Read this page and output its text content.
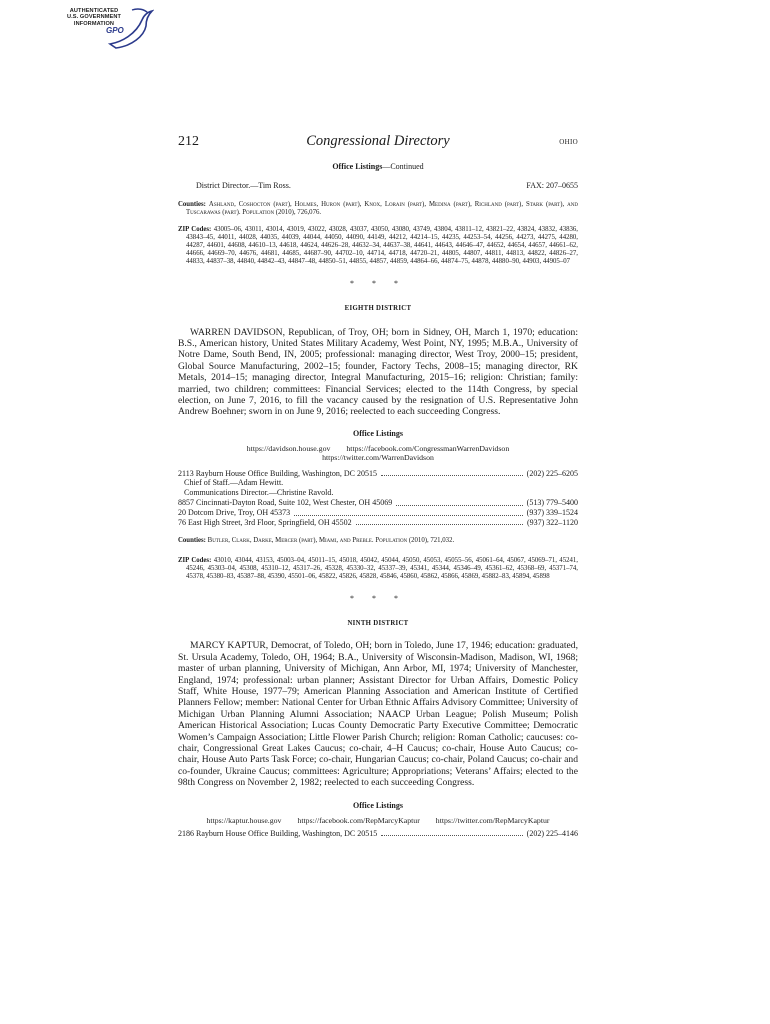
AUTHENTICATED
U.S. GOVERNMENT
INFORMATION
GPO
212	Congressional Directory	OHIO
Office Listings—Continued
District Director.—Tim Ross.	FAX: 207–0655
Counties: Ashland, Coshocton (part), Holmes, Huron (part), Knox, Lorain (part), Medina (part), Richland (part), Stark (part), and Tuscarawas (part). Population (2010), 726,076.
ZIP Codes: 43005–06, 43011, 43014, 43019, 43022, 43028, 43037, 43050, 43080, 43749, 43804, 43811–12, 43821–22, 43824, 43832, 43836, 43843–45, 44011, 44028, 44035, 44039, 44044, 44050, 44090, 44149, 44212, 44214–15, 44235, 44253–54, 44256, 44273, 44275, 44280, 44287, 44601, 44608, 44610–13, 44618, 44624, 44626–28, 44632–34, 44637–38, 44641, 44643, 44646–47, 44652, 44654, 44657, 44661–62, 44666, 44669–70, 44676, 44681, 44685, 44687–90, 44702–10, 44714, 44718, 44720–21, 44805, 44807, 44811, 44813, 44822, 44826–27, 44833, 44837–38, 44840, 44842–43, 44847–48, 44850–51, 44855, 44857, 44859, 44864–66, 44874–75, 44878, 44880–90, 44903, 44905–07
* * *
EIGHTH DISTRICT

WARREN DAVIDSON, Republican, of Troy, OH; born in Sidney, OH, March 1, 1970; education: B.S., American history, United States Military Academy, West Point, NY, 1995; M.B.A., University of Notre Dame, South Bend, IN, 2005; professional: managing director, West Troy, 2000–15; president, Global Source Manufacturing, 2002–15; founder, Factory Techs, 2008–15; managing director, RK Metals, 2014–15; managing director, Integral Manufacturing, 2015–16; religion: Christian; family: married, two children; committees: Financial Services; elected to the 114th Congress, by special election, on June 7, 2016, to fill the vacancy caused by the resignation of U.S. Representative John Andrew Boehner; sworn in on June 9, 2016; reelected to each succeeding Congress.

Office Listings
https://davidson.house.gov https://facebook.com/CongressmanWarrenDavidson
https://twitter.com/WarrenDavidson
2113 Rayburn House Office Building, Washington, DC 20515	(202) 225–6205
Chief of Staff.—Adam Hewitt.
Communications Director.—Christine Ravold.
8857 Cincinnati-Dayton Road, Suite 102, West Chester, OH 45069	(513) 779–5400
20 Dotcom Drive, Troy, OH 45373	(937) 339–1524
76 East High Street, 3rd Floor, Springfield, OH 45502	(937) 322–1120
Counties: Butler, Clark, Darke, Mercer (part), Miami, and Preble. Population (2010), 721,032.
ZIP Codes: 43010, 43044, 43153, 45003–04, 45011–15, 45018, 45042, 45044, 45050, 45053, 45055–56, 45061–64, 45067, 45069–71, 45241, 45246, 45303–04, 45308, 45310–12, 45317–26, 45328, 45330–32, 45337–39, 45341, 45344, 45346–49, 45361–62, 45368–69, 45371–74, 45378, 45380–83, 45387–88, 45390, 45501–06, 45822, 45826, 45828, 45846, 45860, 45862, 45866, 45869, 45882–83, 45894, 45898
* * *
NINTH DISTRICT

MARCY KAPTUR, Democrat, of Toledo, OH; born in Toledo, June 17, 1946; education: graduated, St. Ursula Academy, Toledo, OH, 1964; B.A., University of Wisconsin-Madison, Madison, WI, 1968; master of urban planning, University of Michigan, Ann Arbor, MI, 1974; University of Manchester, England, 1974; professional: urban planner; Assistant Director for Urban Affairs, Domestic Policy Staff, White House, 1977–79; American Planning Association and American Institute of Certified Planners Fellow; member: National Center for Urban Ethnic Affairs Advisory Committee; University of Michigan Urban Planning Alumni Association; NAACP Urban League; Polish Museum; Polish American Historical Association; Lucas County Democratic Party Executive Committee; Democratic Women’s Campaign Association; Little Flower Parish Church; religion: Roman Catholic; caucuses: co-chair, Congressional Great Lakes Caucus; co-chair, 4–H Caucus; co-chair, House Auto Caucus; co-chair, House Auto Parts Task Force; co-chair, Hungarian Caucus; co-chair, Poland Caucus; co-chair and co-founder, Ukraine Caucus; committees: Agriculture; Appropriations; Veterans’ Affairs; elected to the 98th Congress on November 2, 1982; reelected to each succeeding Congress.

Office Listings
https://kaptur.house.gov https://facebook.com/RepMarcyKaptur https://twitter.com/RepMarcyKaptur
2186 Rayburn House Office Building, Washington, DC 20515	(202) 225–4146
